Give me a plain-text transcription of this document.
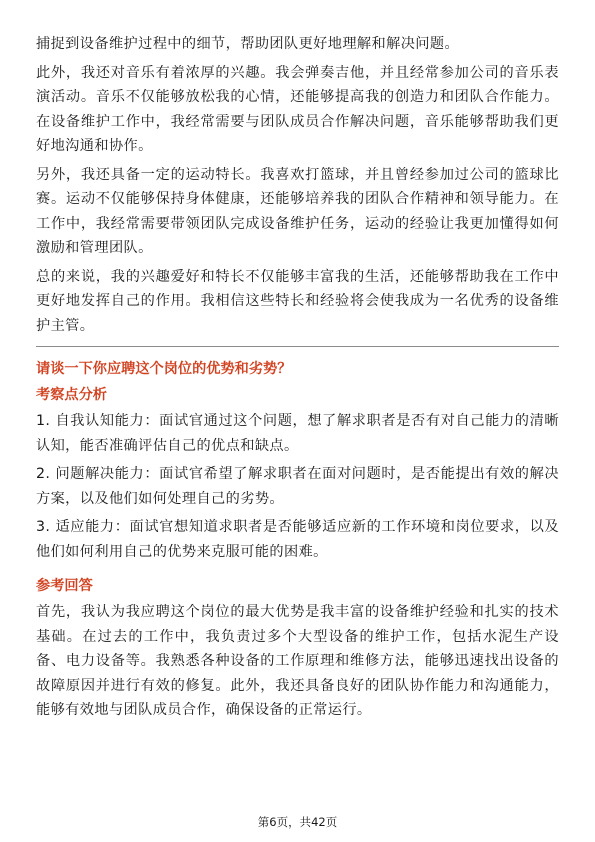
捕捉到设备维护过程中的细节，帮助团队更好地理解和解决问题。

此外，我还对音乐有着浓厚的兴趣。我会弹奏吉他，并且经常参加公司的音乐表演活动。音乐不仅能够放松我的心情，还能够提高我的创造力和团队合作能力。在设备维护工作中，我经常需要与团队成员合作解决问题，音乐能够帮助我们更好地沟通和协作。

另外，我还具备一定的运动特长。我喜欢打篮球，并且曾经参加过公司的篮球比赛。运动不仅能够保持身体健康，还能够培养我的团队合作精神和领导能力。在工作中，我经常需要带领团队完成设备维护任务，运动的经验让我更加懂得如何激励和管理团队。

总的来说，我的兴趣爱好和特长不仅能够丰富我的生活，还能够帮助我在工作中更好地发挥自己的作用。我相信这些特长和经验将会使我成为一名优秀的设备维护主管。

请谈一下你应聘这个岗位的优势和劣势？
考察点分析

1. 自我认知能力：面试官通过这个问题，想了解求职者是否有对自己能力的清晰认知，能否准确评估自己的优点和缺点。

2. 问题解决能力：面试官希望了解求职者在面对问题时，是否能提出有效的解决方案，以及他们如何处理自己的劣势。

3. 适应能力：面试官想知道求职者是否能够适应新的工作环境和岗位要求，以及他们如何利用自己的优势来克服可能的困难。

参考回答

首先，我认为我应聘这个岗位的最大优势是我丰富的设备维护经验和扎实的技术基础。在过去的工作中，我负责过多个大型设备的维护工作，包括水泥生产设备、电力设备等。我熟悉各种设备的工作原理和维修方法，能够迅速找出设备的故障原因并进行有效的修复。此外，我还具备良好的团队协作能力和沟通能力，能够有效地与团队成员合作，确保设备的正常运行。

第6页，共42页
